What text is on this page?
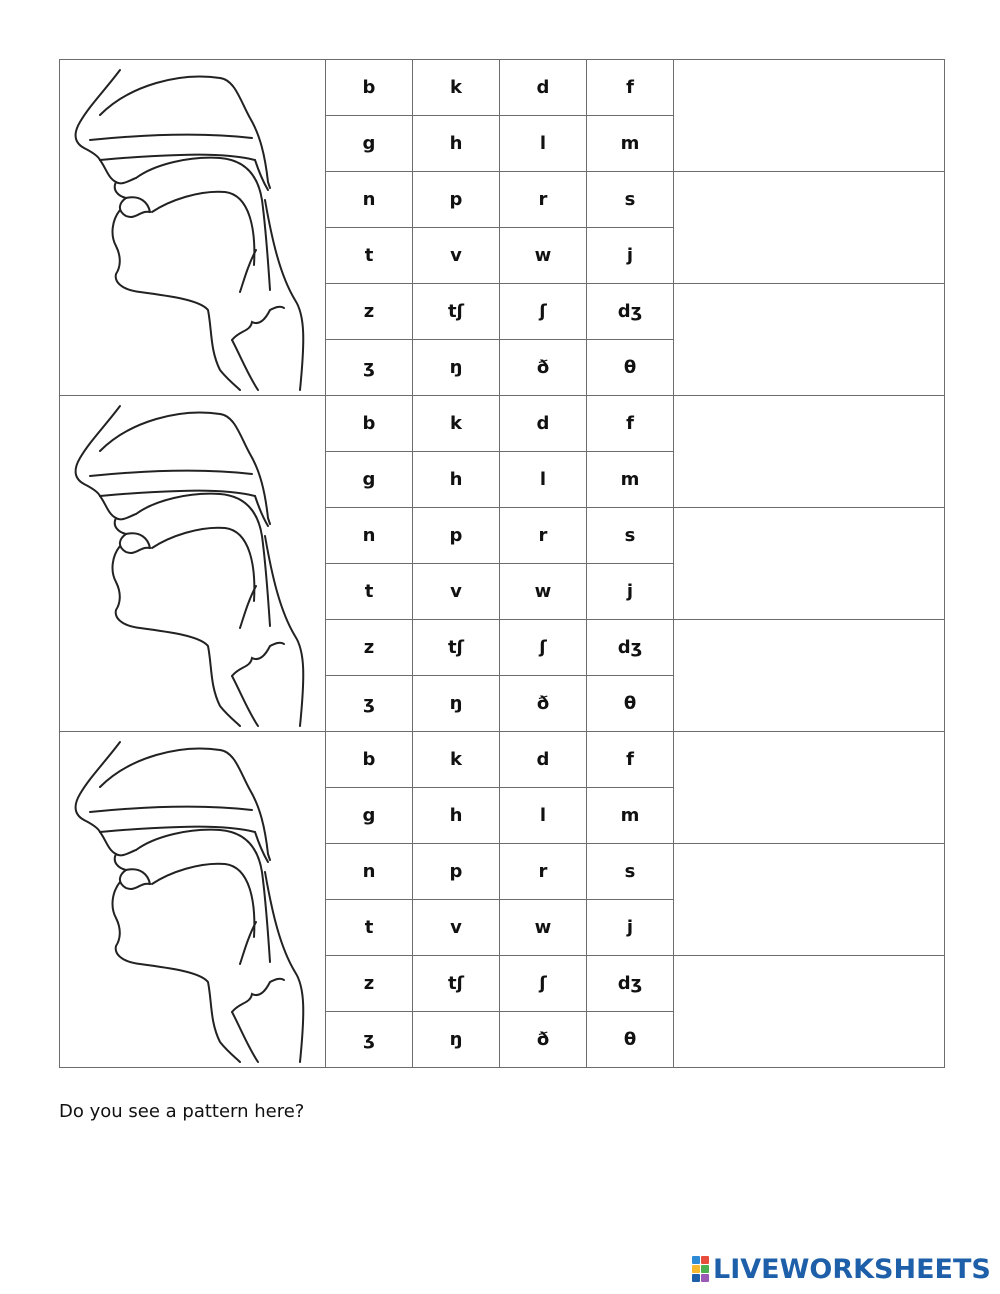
	b	k	d	f	
	g	h	l	m	
	n	p	r	s	
	t	v	w	j	
	z	tʃ	ʃ	dʒ	
	ʒ	ŋ	ð	θ	

	b	k	d	f	
	g	h	l	m	
	n	p	r	s	
	t	v	w	j	
	z	tʃ	ʃ	dʒ	
	ʒ	ŋ	ð	θ	

	b	k	d	f	
	g	h	l	m	
	n	p	r	s	
	t	v	w	j	
	z	tʃ	ʃ	dʒ	
	ʒ	ŋ	ð	θ	
Do you see a pattern here?
LIVEWORKSHEETS
